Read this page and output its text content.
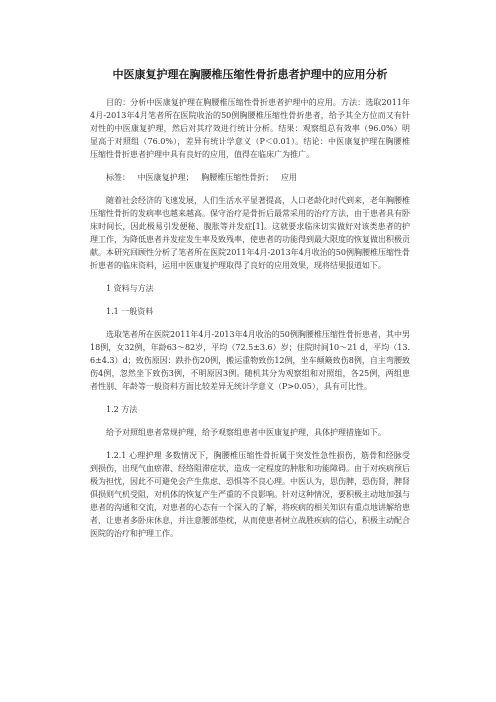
中医康复护理在胸腰椎压缩性骨折患者护理中的应用分析

目的：分析中医康复护理在胸腰椎压缩性骨折患者护理中的应用。方法：选取2011年4月-2013年4月笔者所在医院收治的50例胸腰椎压缩性骨折患者，给予其全方位而又有针对性的中医康复护理，然后对其疗效进行统计分析。结果：观察组总有效率（96.0%）明显高于对照组（76.0%），差异有统计学意义（P＜0.01）。结论：中医康复护理在胸腰椎压缩性骨折患者护理中具有良好的应用，值得在临床广为推广。

标签：   中医康复护理；   胸腰椎压缩性骨折；   应用

随着社会经济的飞速发展，人们生活水平显著提高，人口老龄化时代到来，老年胸腰椎压缩性骨折的发病率也越来越高。保守治疗是骨折后最常采用的治疗方法，由于患者具有卧床时间长，因此极易引发便秘、腹胀等并发症[1]。这就要求临床切实做好对该类患者的护理工作，为降低患者并发症发生率及致残率，使患者的功能得到最大限度的恢复做出积极贡献。本研究回顾性分析了笔者所在医院2011年4月-2013年4月收治的50例胸腰椎压缩性骨折患者的临床资料，运用中医康复护理取得了良好的应用效果，现将结果报道如下。

1 资料与方法

1.1 一般资料

选取笔者所在医院2011年4月-2013年4月收治的50例胸腰椎压缩性骨折患者，其中男18例，女32例，年龄63～82岁，平均（72.5±3.6）岁；住院时间10～21 d，平均（13.6±4.3）d；致伤原因：跌扑伤20例，搬运重物致伤12例，坐车颠簸致伤8例，自主弯腰致伤4例，忽然坐下致伤3例，不明原因3例。随机其分为观察组和对照组，各25例，两组患者性别、年龄等一般资料方面比较差异无统计学意义（P>0.05），具有可比性。

1.2 方法

给予对照组患者常规护理，给予观察组患者中医康复护理，具体护理措施如下。

1.2.1 心理护理 多数情况下，胸腰椎压缩性骨折属于突发性急性损伤，筋骨和经脉受到损伤，出现气血瘀滞、经络阻滞症状，造成一定程度的肿胀和功能障碍。由于对疾病预后极为担忧，因此不可避免会产生焦虑、恐惧等不良心理。中医认为，思伤脾，恐伤肾，脾肾俱损则气机受阻，对机体的恢复产生严重的不良影响。针对这种情况，要积极主动地加强与患者的沟通和交流，对患者的心态有一个深入的了解，将疾病的相关知识有重点地讲解给患者，让患者多卧床休息，并注意腰部垫枕，从而使患者树立战胜疾病的信心，积极主动配合医院的治疗和护理工作。
